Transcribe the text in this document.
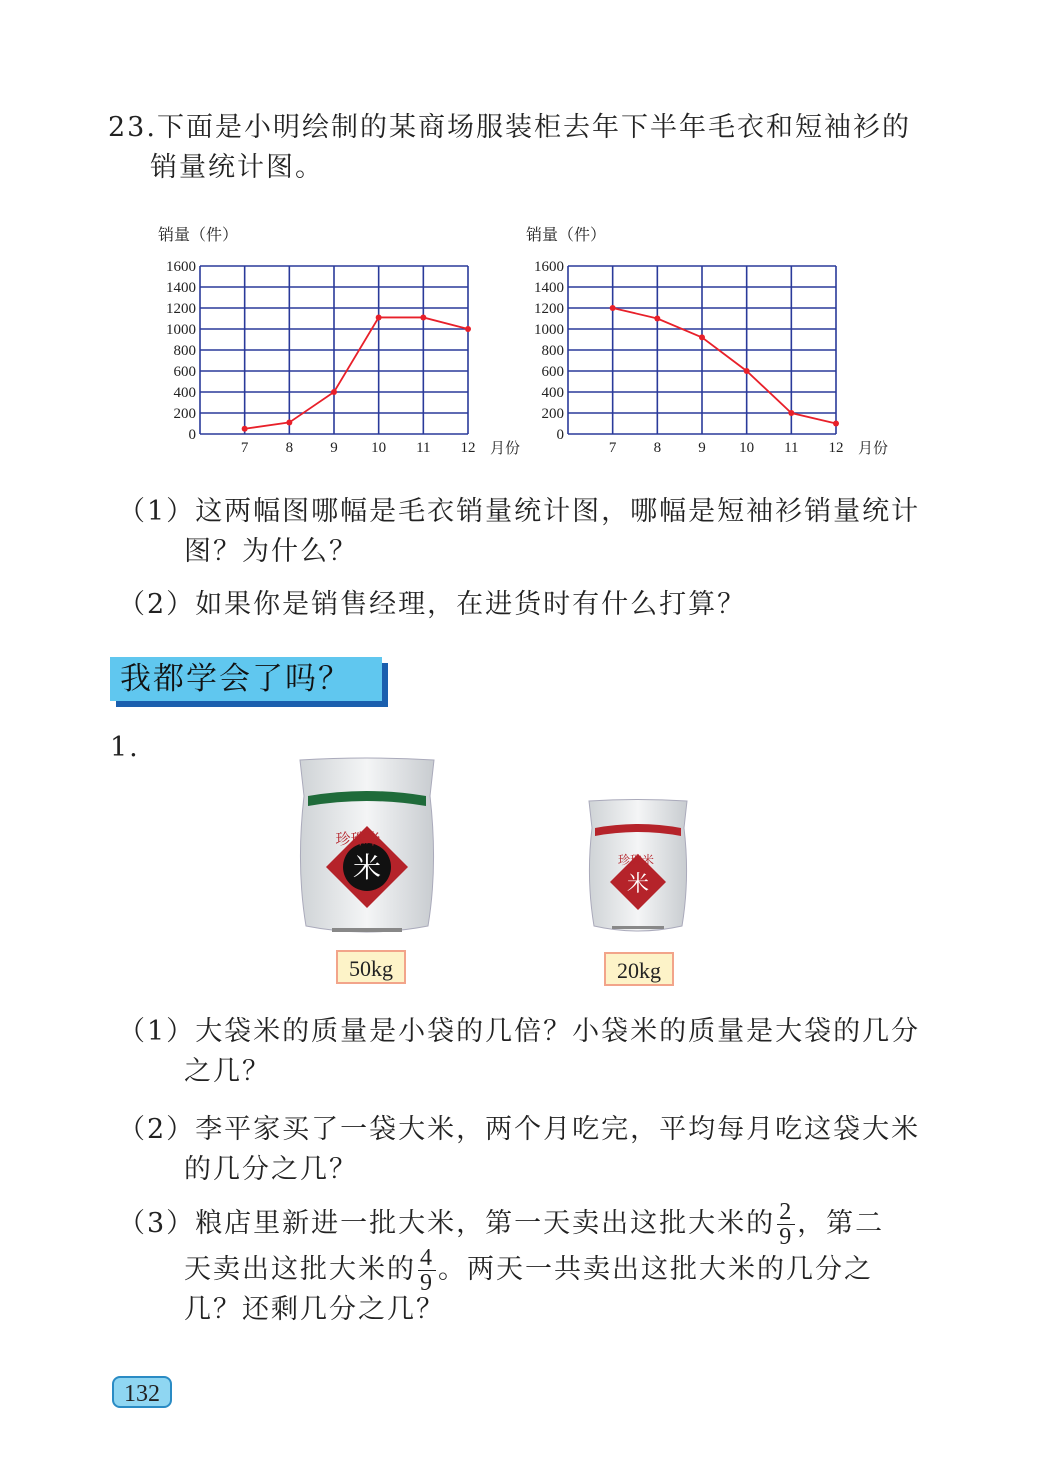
23.下面是小明绘制的某商场服装柜去年下半年毛衣和短袖衫的
销量统计图。
0
200
400
600
800
1000
1200
1400
1600
7 8 9 10 11 12
销量（件）
月份
0
200
400
600
800
1000
1200
1400
1600
7 8 9 10 11 12
销量（件）
月份
（1）这两幅图哪幅是毛衣销量统计图，哪幅是短袖衫销量统计
图？为什么？
（2）如果你是销售经理，在进货时有什么打算？
我都学会了吗？
1.
米
珍珠米
50kg
米
珍珠米
20kg
（1）大袋米的质量是小袋的几倍？小袋米的质量是大袋的几分
之几？
（2）李平家买了一袋大米，两个月吃完，平均每月吃这袋大米
的几分之几？
（3）粮店里新进一批大米，第一天卖出这批大米的 $\frac{2}{9}$ ，第二
天卖出这批大米的 $\frac{4}{9}$ 。两天一共卖出这批大米的几分之
几？还剩几分之几？
132
